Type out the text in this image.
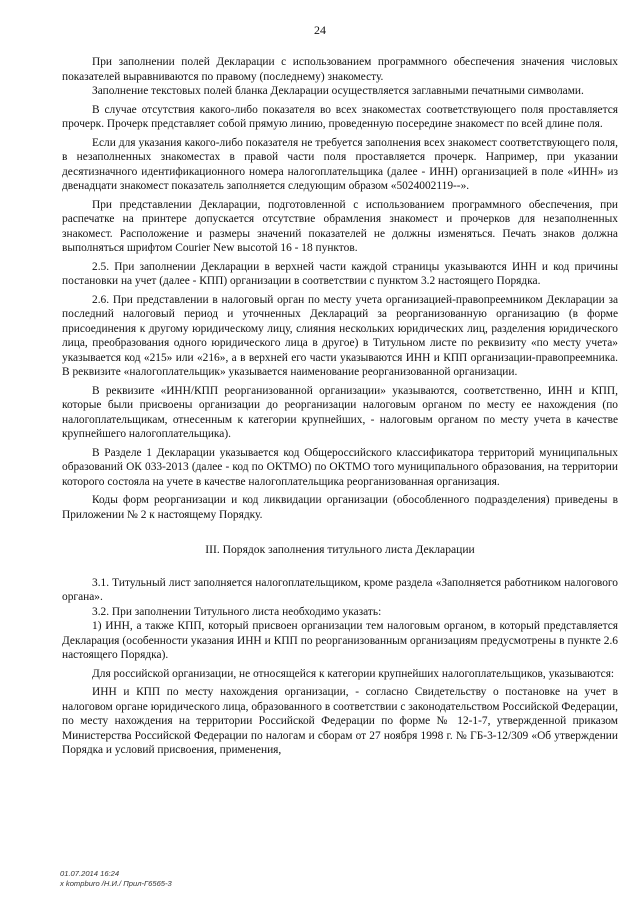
24

При заполнении полей Декларации с использованием программного обеспечения значения числовых показателей выравниваются по правому (последнему) знакоместу.

Заполнение текстовых полей бланка Декларации осуществляется заглавными печатными символами.

В случае отсутствия какого-либо показателя во всех знакоместах соответствующего поля проставляется прочерк. Прочерк представляет собой прямую линию, проведенную посередине знакомест по всей длине поля.

Если для указания какого-либо показателя не требуется заполнения всех знакомест соответствующего поля, в незаполненных знакоместах в правой части поля проставляется прочерк. Например, при указании десятизначного идентификационного номера налогоплательщика (далее - ИНН) организацией в поле «ИНН» из двенадцати знакомест показатель заполняется следующим образом «5024002119--».

При представлении Декларации, подготовленной с использованием программного обеспечения, при распечатке на принтере допускается отсутствие обрамления знакомест и прочерков для незаполненных знакомест. Расположение и размеры значений показателей не должны изменяться. Печать знаков должна выполняться шрифтом Courier New высотой 16 - 18 пунктов.

2.5. При заполнении Декларации в верхней части каждой страницы указываются ИНН и код причины постановки на учет (далее - КПП) организации в соответствии с пунктом 3.2 настоящего Порядка.

2.6. При представлении в налоговый орган по месту учета организацией-правопреемником Декларации за последний налоговый период и уточненных Деклараций за реорганизованную организацию (в форме присоединения к другому юридическому лицу, слияния нескольких юридических лиц, разделения юридического лица, преобразования одного юридического лица в другое) в Титульном листе по реквизиту «по месту учета» указывается код «215» или «216», а в верхней его части указываются ИНН и КПП организации-правопреемника. В реквизите «налогоплательщик» указывается наименование реорганизованной организации.

В реквизите «ИНН/КПП реорганизованной организации» указываются, соответственно, ИНН и КПП, которые были присвоены организации до реорганизации налоговым органом по месту ее нахождения (по налогоплательщикам, отнесенным к категории крупнейших, - налоговым органом по месту учета в качестве крупнейшего налогоплательщика).

В Разделе 1 Декларации указывается код Общероссийского классификатора территорий муниципальных образований ОК 033-2013 (далее - код по ОКТМО) по ОКТМО того муниципального образования, на территории которого состояла на учете в качестве налогоплательщика реорганизованная организация.

Коды форм реорганизации и код ликвидации организации (обособленного подразделения) приведены в Приложении № 2 к настоящему Порядку.

III. Порядок заполнения титульного листа Декларации

3.1. Титульный лист заполняется налогоплательщиком, кроме раздела «Заполняется работником налогового органа».

3.2. При заполнении Титульного листа необходимо указать:

1) ИНН, а также КПП, который присвоен организации тем налоговым органом, в который представляется Декларация (особенности указания ИНН и КПП по реорганизованным организациям предусмотрены в пункте 2.6 настоящего Порядка).

Для российской организации, не относящейся к категории крупнейших налогоплательщиков, указываются:

ИНН и КПП по месту нахождения организации, - согласно Свидетельству о постановке на учет в налоговом органе юридического лица, образованного в соответствии с законодательством Российской Федерации, по месту нахождения на территории Российской Федерации по форме № 12-1-7, утвержденной приказом Министерства Российской Федерации по налогам и сборам от 27 ноября 1998 г. № ГБ-3-12/309 «Об утверждении Порядка и условий присвоения, применения,

01.07.2014 16:24
х kompburo /Н.И./ Прил-Г6565-3
